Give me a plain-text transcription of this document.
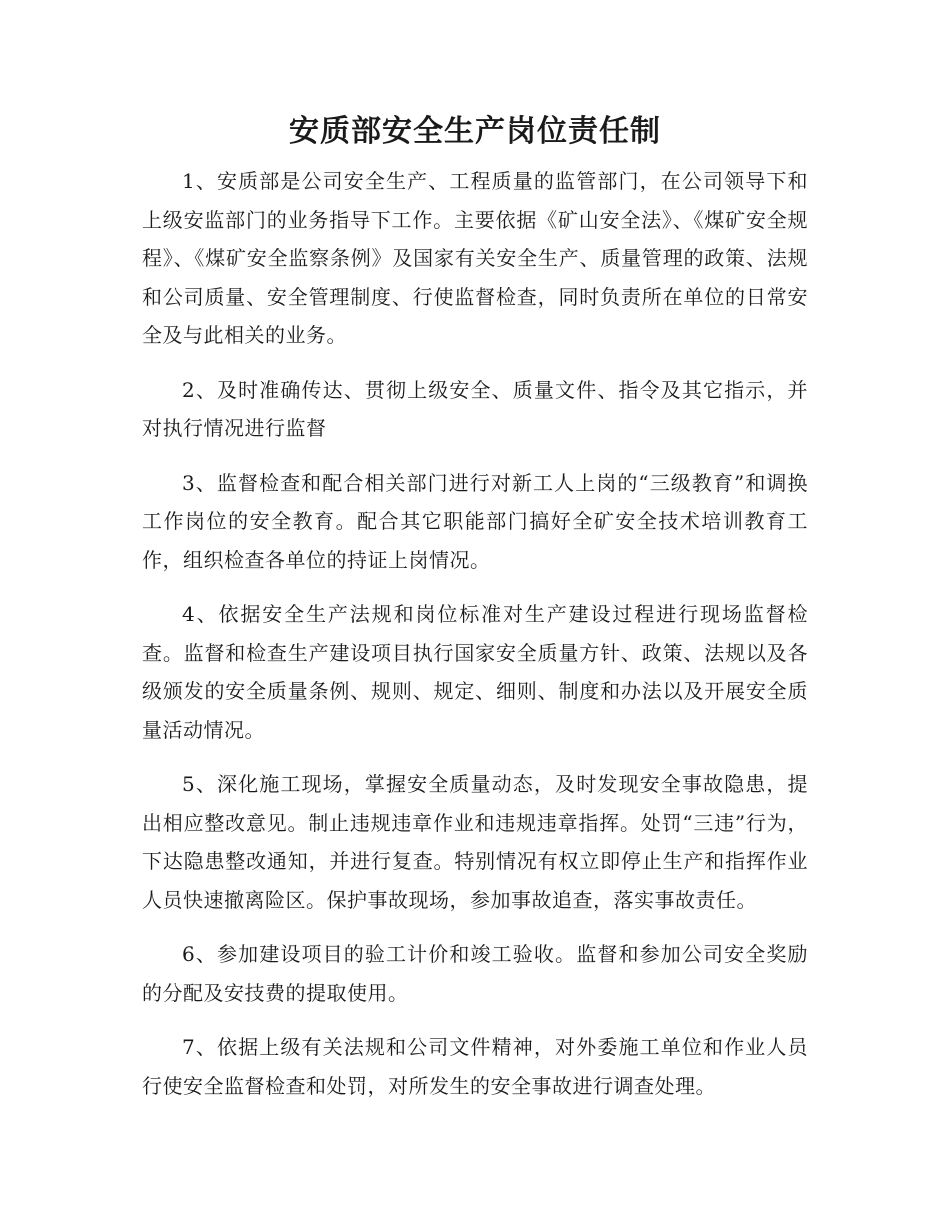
安质部安全生产岗位责任制

1、安质部是公司安全生产、工程质量的监管部门，在公司领导下和上级安监部门的业务指导下工作。主要依据《矿山安全法》、《煤矿安全规程》、《煤矿安全监察条例》及国家有关安全生产、质量管理的政策、法规和公司质量、安全管理制度、行使监督检查，同时负责所在单位的日常安全及与此相关的业务。

2、及时准确传达、贯彻上级安全、质量文件、指令及其它指示，并对执行情况进行监督

3、监督检查和配合相关部门进行对新工人上岗的“三级教育”和调换工作岗位的安全教育。配合其它职能部门搞好全矿安全技术培训教育工作，组织检查各单位的持证上岗情况。

4、依据安全生产法规和岗位标准对生产建设过程进行现场监督检查。监督和检查生产建设项目执行国家安全质量方针、政策、法规以及各级颁发的安全质量条例、规则、规定、细则、制度和办法以及开展安全质量活动情况。

5、深化施工现场，掌握安全质量动态，及时发现安全事故隐患，提出相应整改意见。制止违规违章作业和违规违章指挥。处罚“三违”行为，下达隐患整改通知，并进行复查。特别情况有权立即停止生产和指挥作业人员快速撤离险区。保护事故现场，参加事故追查，落实事故责任。

6、参加建设项目的验工计价和竣工验收。监督和参加公司安全奖励的分配及安技费的提取使用。

7、依据上级有关法规和公司文件精神，对外委施工单位和作业人员行使安全监督检查和处罚，对所发生的安全事故进行调查处理。
